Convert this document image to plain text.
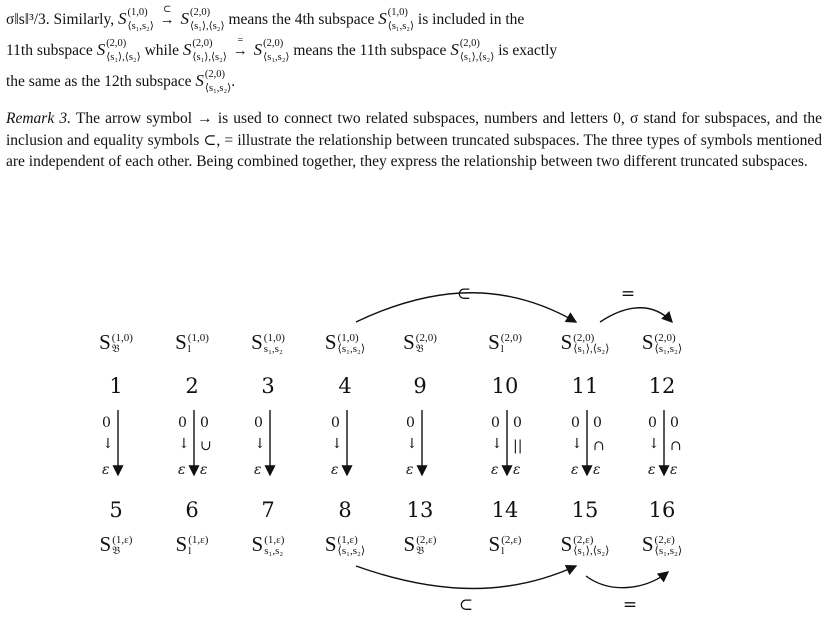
σ‖s‖³/3. Similarly, S (1,0)
⟨s₁,s₂⟩

⊂
→ S (2,0)
⟨s₁⟩,⟨s₂⟩ means the 4th subspace S (1,0)
⟨s₁,s₂⟩ is included in the
11th subspace S (2,0)
⟨s₁⟩,⟨s₂⟩ while S (2,0)
⟨s₁⟩,⟨s₂⟩

=
→ S (2,0)
⟨s₁,s₂⟩ means the 11th subspace S (2,0)
⟨s₁⟩,⟨s₂⟩ is exactly
the same as the 12th subspace S (2,0)
⟨s₁,s₂⟩ .
Remark 3. The arrow symbol → is used to connect two related subspaces, numbers and letters 0, σ stand for subspaces, and the inclusion and equality symbols ⊂, = illustrate the relationship between truncated subspaces. The three types of symbols mentioned are independent of each other. Being combined together, they express the relationship between two different truncated subspaces.
⊂	=
⊂	=
S (1,0)
𝔅
1
5
S (1,ε)
𝔅
0
ε
↓
S (1,0)
l
2
6
S (1,ε)
l
0
ε
↓
0
ε
∪
S (1,0)
s₁,s₂
3
7
S (1,ε)
s₁,s₂
0
ε
↓
S (1,0)
⟨s₁,s₂⟩
4
8
S (1,ε)
⟨s₁,s₂⟩
0
ε
↓
S (2,0)
𝔅
9
13
S (2,ε)
𝔅
0
ε
↓
S (2,0)
l
10
14
S (2,ε)
l
0
ε
↓
0
ε
||
S (2,0)
⟨s₁⟩,⟨s₂⟩
11
15
S (2,ε)
⟨s₁⟩,⟨s₂⟩
0
ε
↓
0
ε
∩
S (2,0)
⟨s₁,s₂⟩
12
16
S (2,ε)
⟨s₁,s₂⟩
0
ε
↓
0
ε
∩
